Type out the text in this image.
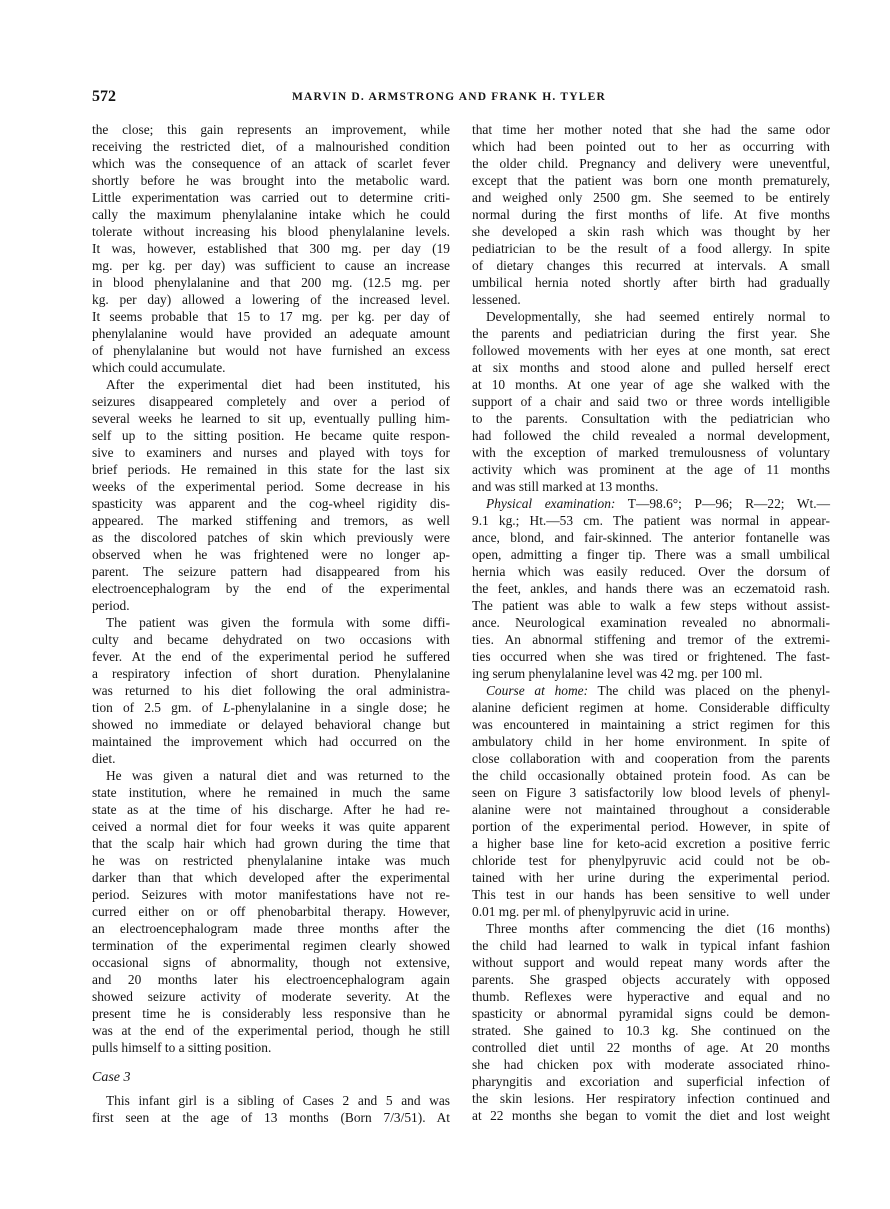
572	MARVIN D. ARMSTRONG AND FRANK H. TYLER
the close; this gain represents an improvement, while
receiving the restricted diet, of a malnourished condition
which was the consequence of an attack of scarlet fever
shortly before he was brought into the metabolic ward.
Little experimentation was carried out to determine criti-
cally the maximum phenylalanine intake which he could
tolerate without increasing his blood phenylalanine levels.
It was, however, established that 300 mg. per day (19
mg. per kg. per day) was sufficient to cause an increase
in blood phenylalanine and that 200 mg. (12.5 mg. per
kg. per day) allowed a lowering of the increased level.
It seems probable that 15 to 17 mg. per kg. per day of
phenylalanine would have provided an adequate amount
of phenylalanine but would not have furnished an excess
which could accumulate.
After the experimental diet had been instituted, his
seizures disappeared completely and over a period of
several weeks he learned to sit up, eventually pulling him-
self up to the sitting position. He became quite respon-
sive to examiners and nurses and played with toys for
brief periods. He remained in this state for the last six
weeks of the experimental period. Some decrease in his
spasticity was apparent and the cog-wheel rigidity dis-
appeared. The marked stiffening and tremors, as well
as the discolored patches of skin which previously were
observed when he was frightened were no longer ap-
parent. The seizure pattern had disappeared from his
electroencephalogram by the end of the experimental
period.
The patient was given the formula with some diffi-
culty and became dehydrated on two occasions with
fever. At the end of the experimental period he suffered
a respiratory infection of short duration. Phenylalanine
was returned to his diet following the oral administra-
tion of 2.5 gm. of L-phenylalanine in a single dose; he
showed no immediate or delayed behavioral change but
maintained the improvement which had occurred on the
diet.
He was given a natural diet and was returned to the
state institution, where he remained in much the same
state as at the time of his discharge. After he had re-
ceived a normal diet for four weeks it was quite apparent
that the scalp hair which had grown during the time that
he was on restricted phenylalanine intake was much
darker than that which developed after the experimental
period. Seizures with motor manifestations have not re-
curred either on or off phenobarbital therapy. However,
an electroencephalogram made three months after the
termination of the experimental regimen clearly showed
occasional signs of abnormality, though not extensive,
and 20 months later his electroencephalogram again
showed seizure activity of moderate severity. At the
present time he is considerably less responsive than he
was at the end of the experimental period, though he still
pulls himself to a sitting position.
Case 3
This infant girl is a sibling of Cases 2 and 5 and was
first seen at the age of 13 months (Born 7/3/51). At
that time her mother noted that she had the same odor
which had been pointed out to her as occurring with
the older child. Pregnancy and delivery were uneventful,
except that the patient was born one month prematurely,
and weighed only 2500 gm. She seemed to be entirely
normal during the first months of life. At five months
she developed a skin rash which was thought by her
pediatrician to be the result of a food allergy. In spite
of dietary changes this recurred at intervals. A small
umbilical hernia noted shortly after birth had gradually
lessened.
Developmentally, she had seemed entirely normal to
the parents and pediatrician during the first year. She
followed movements with her eyes at one month, sat erect
at six months and stood alone and pulled herself erect
at 10 months. At one year of age she walked with the
support of a chair and said two or three words intelligible
to the parents. Consultation with the pediatrician who
had followed the child revealed a normal development,
with the exception of marked tremulousness of voluntary
activity which was prominent at the age of 11 months
and was still marked at 13 months.
Physical examination: T—98.6°; P—96; R—22; Wt.—
9.1 kg.; Ht.—53 cm. The patient was normal in appear-
ance, blond, and fair-skinned. The anterior fontanelle was
open, admitting a finger tip. There was a small umbilical
hernia which was easily reduced. Over the dorsum of
the feet, ankles, and hands there was an eczematoid rash.
The patient was able to walk a few steps without assist-
ance. Neurological examination revealed no abnormali-
ties. An abnormal stiffening and tremor of the extremi-
ties occurred when she was tired or frightened. The fast-
ing serum phenylalanine level was 42 mg. per 100 ml.
Course at home: The child was placed on the phenyl-
alanine deficient regimen at home. Considerable difficulty
was encountered in maintaining a strict regimen for this
ambulatory child in her home environment. In spite of
close collaboration with and cooperation from the parents
the child occasionally obtained protein food. As can be
seen on Figure 3 satisfactorily low blood levels of phenyl-
alanine were not maintained throughout a considerable
portion of the experimental period. However, in spite of
a higher base line for keto-acid excretion a positive ferric
chloride test for phenylpyruvic acid could not be ob-
tained with her urine during the experimental period.
This test in our hands has been sensitive to well under
0.01 mg. per ml. of phenylpyruvic acid in urine.
Three months after commencing the diet (16 months)
the child had learned to walk in typical infant fashion
without support and would repeat many words after the
parents. She grasped objects accurately with opposed
thumb. Reflexes were hyperactive and equal and no
spasticity or abnormal pyramidal signs could be demon-
strated. She gained to 10.3 kg. She continued on the
controlled diet until 22 months of age. At 20 months
she had chicken pox with moderate associated rhino-
pharyngitis and excoriation and superficial infection of
the skin lesions. Her respiratory infection continued and
at 22 months she began to vomit the diet and lost weight
